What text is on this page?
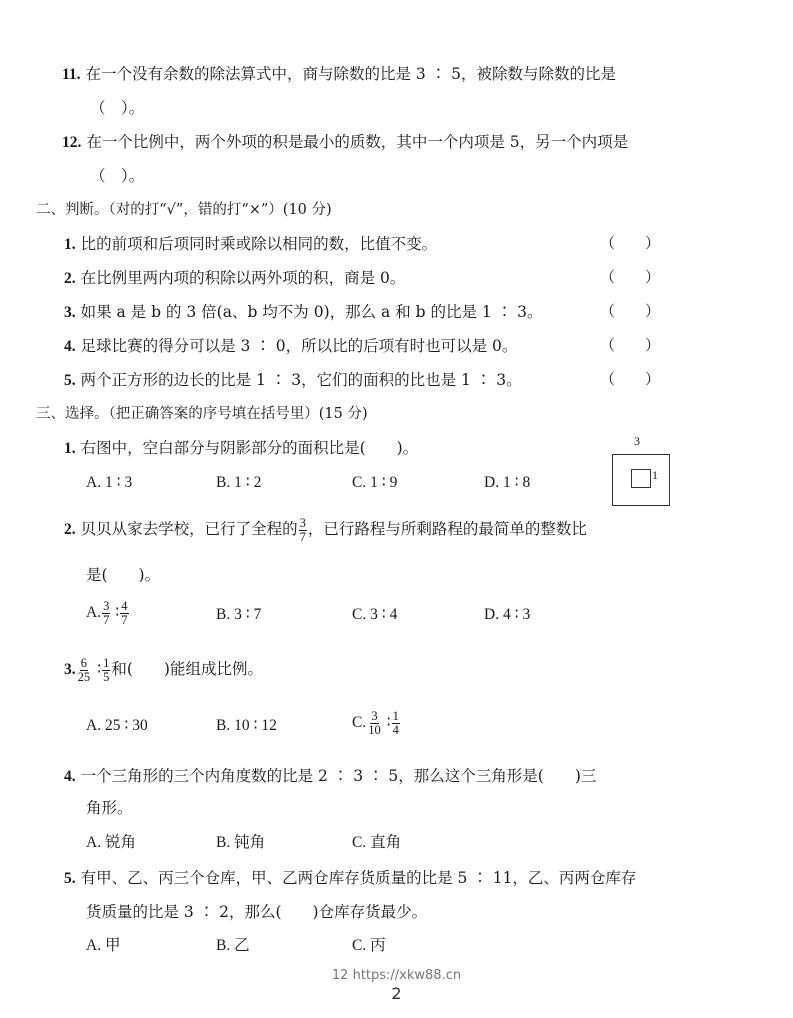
11. 在一个没有余数的除法算式中，商与除数的比是 3 ∶ 5，被除数与除数的比是
（　）。
12. 在一个比例中，两个外项的积是最小的质数，其中一个内项是 5，另一个内项是
（　）。
二、判断。（对的打“√”，错的打“×”）(10 分)
1. 比的前项和后项同时乘或除以相同的数，比值不变。	（　　）
2. 在比例里两内项的积除以两外项的积，商是 0。	（　　）
3. 如果 a 是 b 的 3 倍(a、b 均不为 0)，那么 a 和 b 的比是 1 ∶ 3。	（　　）
4. 足球比赛的得分可以是 3 ∶ 0，所以比的后项有时也可以是 0。	（　　）
5. 两个正方形的边长的比是 1 ∶ 3，它们的面积的比也是 1 ∶ 3。	（　　）
三、选择。（把正确答案的序号填在括号里）(15 分)
1. 右图中，空白部分与阴影部分的面积比是(　　)。
A. 1 ∶ 3	B. 1 ∶ 2	C. 1 ∶ 9	D. 1 ∶ 8
3
1
2. 贝贝从家去学校，已行了全程的 $\frac{3}{7}$ ，已行路程与所剩路程的最简单的整数比
是(　　)。
A. $\frac{3}{7}$ ∶ $\frac{4}{7}$	B. 3 ∶ 7	C. 3 ∶ 4	D. 4 ∶ 3
3. $\frac{6}{25}$ ∶ $\frac{1}{5}$ 和(　　)能组成比例。
A. 25 ∶ 30	B. 10 ∶ 12	C. $\frac{3}{10}$ ∶ $\frac{1}{4}$
4. 一个三角形的三个内角度数的比是 2 ∶ 3 ∶ 5，那么这个三角形是(　　)三
角形。
A. 锐角	B. 钝角	C. 直角
5. 有甲、乙、丙三个仓库，甲、乙两仓库存货质量的比是 5 ∶ 11，乙、丙两仓库存
货质量的比是 3 ∶ 2，那么(　　)仓库存货最少。
A. 甲	B. 乙	C. 丙
12 https://xkw88.cn
2
